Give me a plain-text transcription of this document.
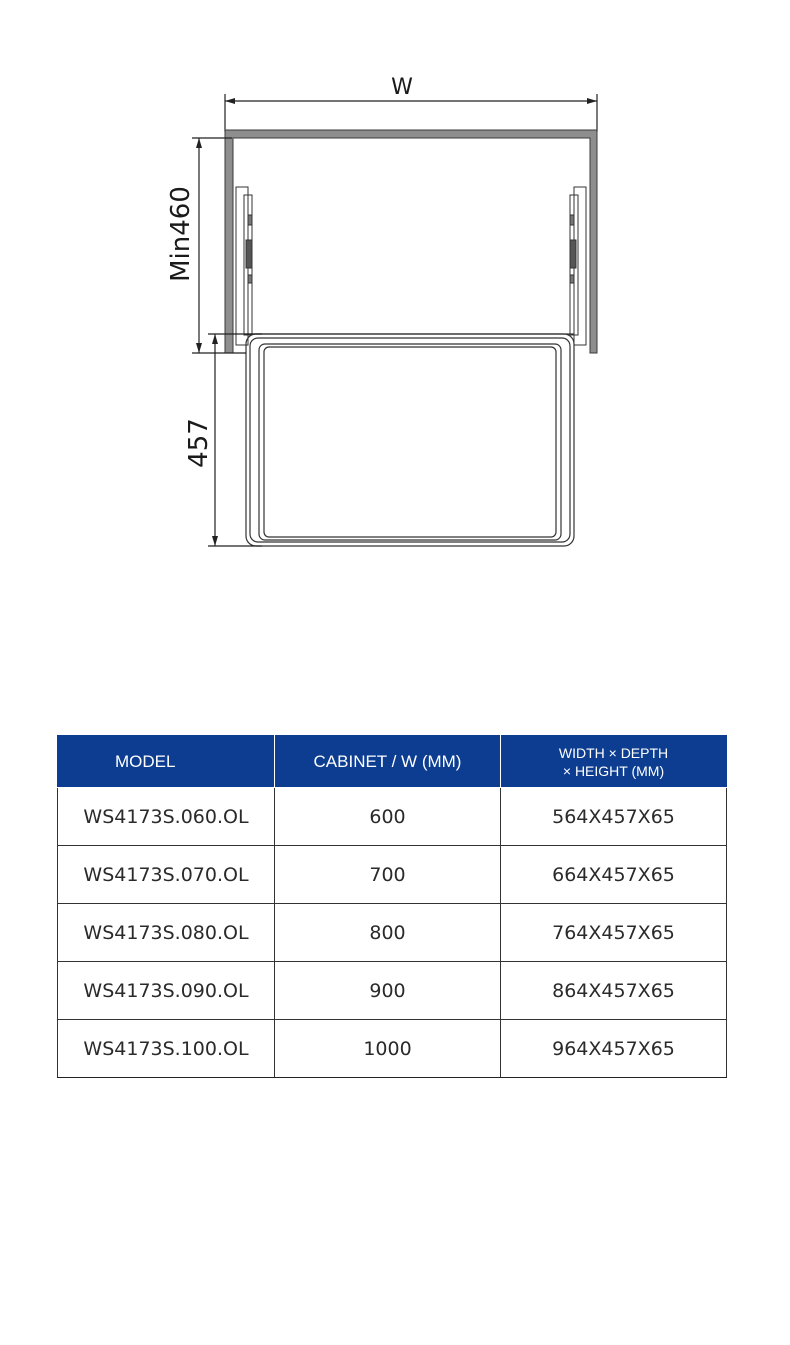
W
Min460
457
MODEL	CABINET / W (MM)	WIDTH × DEPTH
× HEIGHT (MM)
WS4173S.060.OL	600	564X457X65
WS4173S.070.OL	700	664X457X65
WS4173S.080.OL	800	764X457X65
WS4173S.090.OL	900	864X457X65
WS4173S.100.OL	1000	964X457X65
